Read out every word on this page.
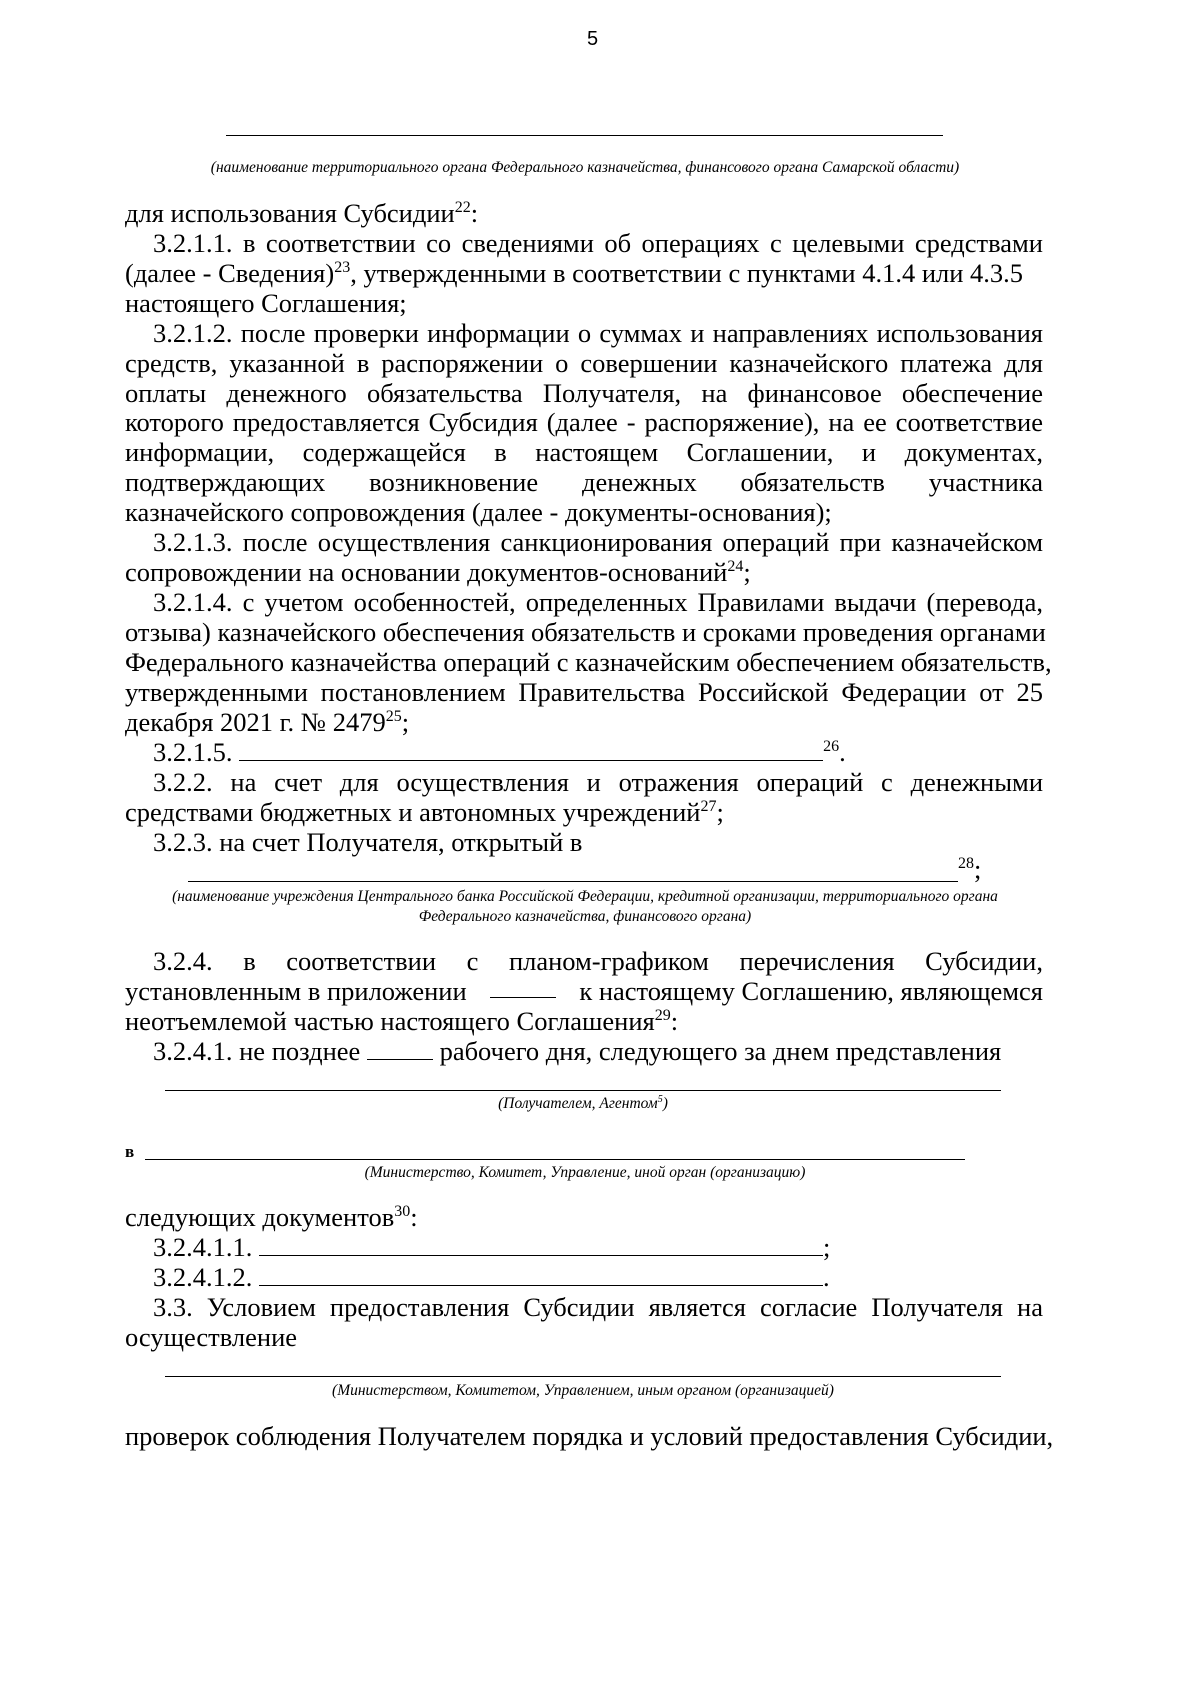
5
(наименование территориального органа Федерального казначейства, финансового органа Самарской области)
для использования Субсидии$^{22}$:
3.2.1.1. в соответствии со сведениями об операциях с целевыми средствами
(далее - Сведения)$^{23}$, утвержденными в соответствии с пунктами 4.1.4 или 4.3.5
настоящего Соглашения;
3.2.1.2. после проверки информации о суммах и направлениях использования
средств, указанной в распоряжении о совершении казначейского платежа для
оплаты денежного обязательства Получателя, на финансовое обеспечение
которого предоставляется Субсидия (далее - распоряжение), на ее соответствие
информации, содержащейся в настоящем Соглашении, и документах,
подтверждающих возникновение денежных обязательств участника
казначейского сопровождения (далее - документы-основания);
3.2.1.3. после осуществления санкционирования операций при казначейском
сопровождении на основании документов-оснований$^{24}$;
3.2.1.4. с учетом особенностей, определенных Правилами выдачи (перевода,
отзыва) казначейского обеспечения обязательств и сроками проведения органами
Федерального казначейства операций с казначейским обеспечением обязательств,
утвержденными постановлением Правительства Российской Федерации от 25
декабря 2021 г. № 2479$^{25}$;
3.2.1.5.	$^{26}$.
3.2.2. на счет для осуществления и отражения операций с денежными
средствами бюджетных и автономных учреждений$^{27}$;
3.2.3. на счет Получателя, открытый в
$^{28}$;
(наименование учреждения Центрального банка Российской Федерации, кредитной организации, территориального органа
Федерального казначейства, финансового органа)
3.2.4. в соответствии с планом-графиком перечисления Субсидии,
установленным в приложении	к настоящему Соглашению, являющемся
неотъемлемой частью настоящего Соглашения$^{29}$:
3.2.4.1. не позднее	рабочего дня, следующего за днем представления
(Получателем, Агентом$^5$)
в
(Министерство, Комитет, Управление, иной орган (организацию)
следующих документов$^{30}$:
3.2.4.1.1.	;
3.2.4.1.2.	.
3.3. Условием предоставления Субсидии является согласие Получателя на
осуществление
(Министерством, Комитетом, Управлением, иным органом (организацией)
проверок соблюдения Получателем порядка и условий предоставления Субсидии,
